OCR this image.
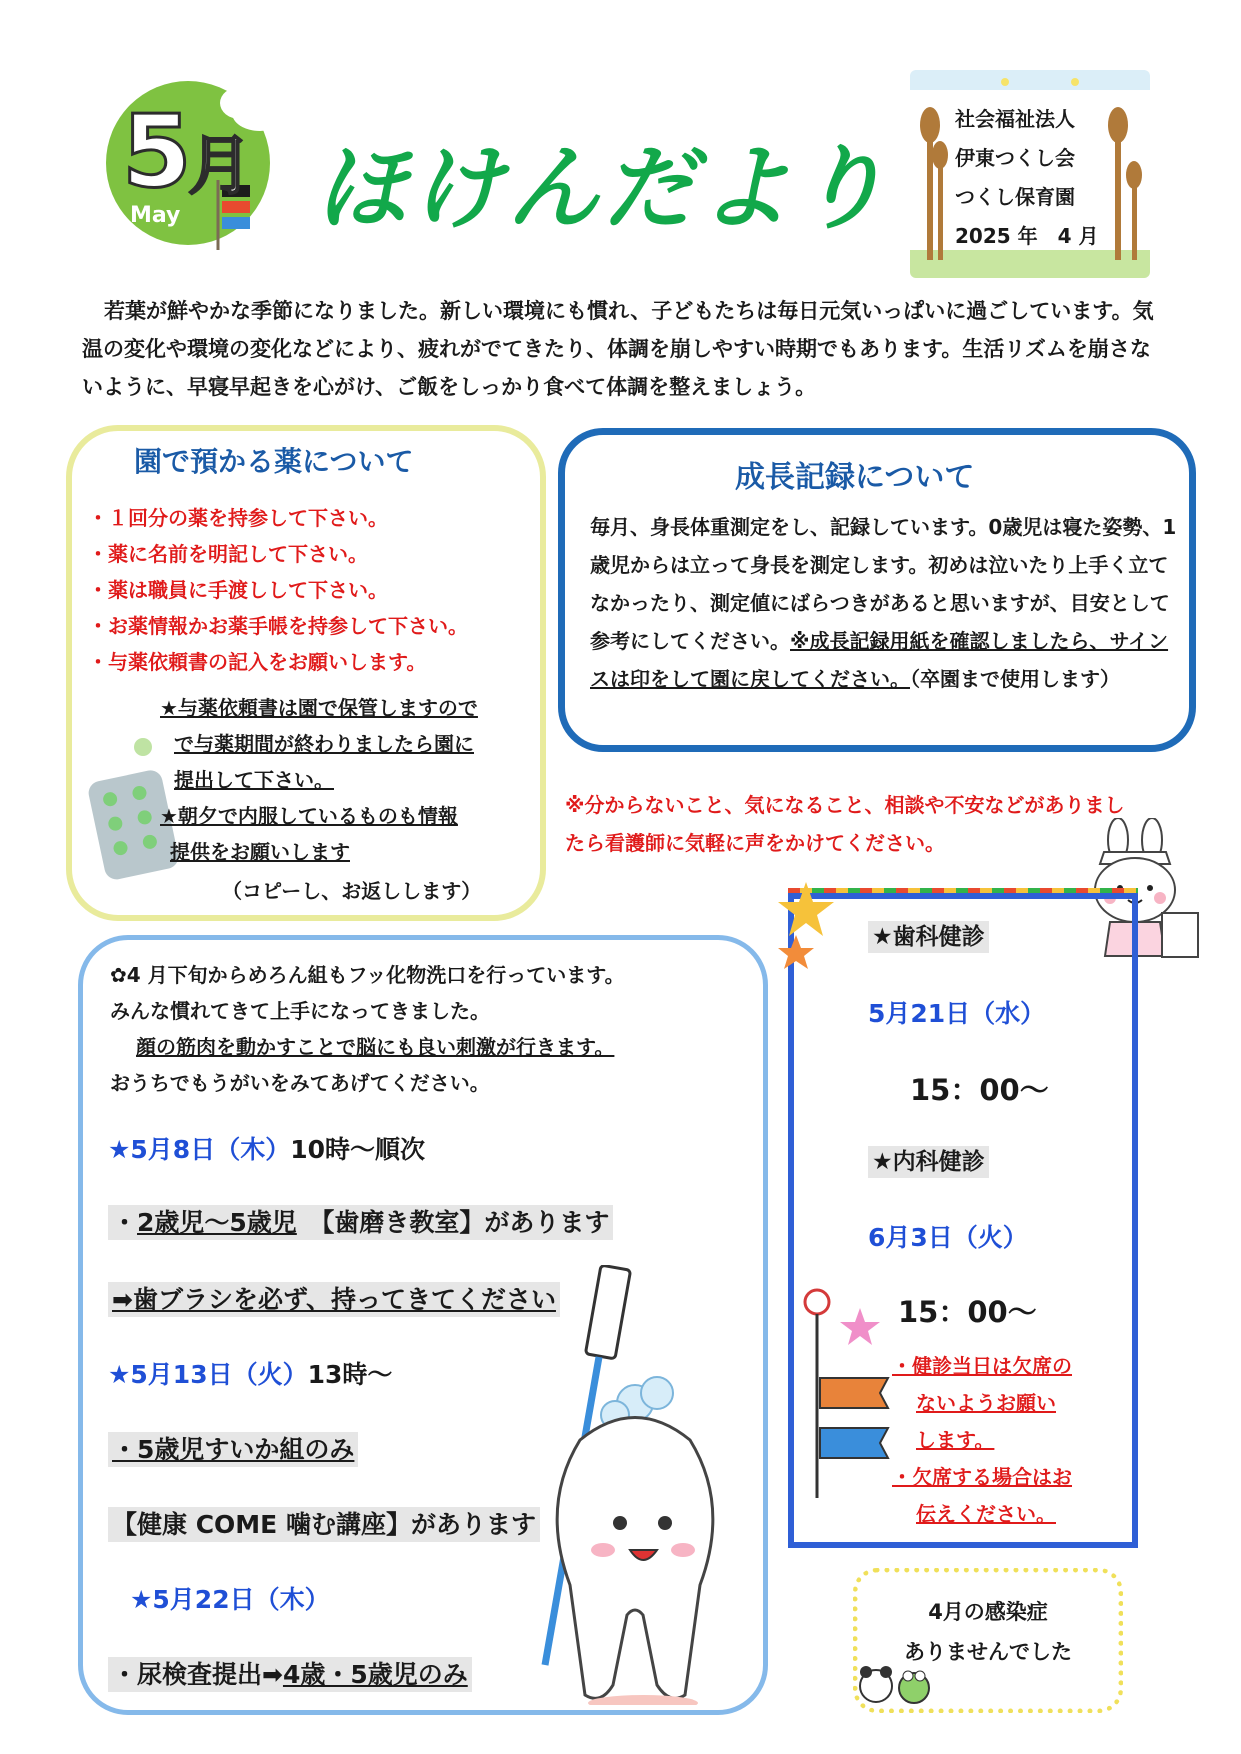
5
月
May ほけんだより
社会福祉法人
伊東つくし会
つくし保育園
2025 年　4 月
若葉が鮮やかな季節になりました。新しい環境にも慣れ、子どもたちは毎日元気いっぱいに過ごしています。気温の変化や環境の変化などにより、疲れがでてきたり、体調を崩しやすい時期でもあります。生活リズムを崩さないように、早寝早起きを心がけ、ご飯をしっかり食べて体調を整えましょう。
園で預かる薬について
・１回分の薬を持参して下さい。
・薬に名前を明記して下さい。
・薬は職員に手渡しして下さい。
・お薬情報かお薬手帳を持参して下さい。
・与薬依頼書の記入をお願いします。
★与薬依頼書は園で保管しますので
で与薬期間が終わりましたら園に
提出して下さい。
★朝夕で内服しているものも情報
提供をお願いします
（コピーし、お返しします）
成長記録について
毎月、身長体重測定をし、記録しています。0歳児は寝た姿勢、1歳児からは立って身長を測定します。初めは泣いたり上手く立てなかったり、測定値にばらつきがあると思いますが、目安として参考にしてください。※成長記録用紙を確認しましたら、サインスは印をして園に戻してください。（卒園まで使用します）
※分からないこと、気になること、相談や不安などがありましたら看護師に気軽に声をかけてください。
★歯科健診
5月21日（水）
15：00～
★内科健診
6月3日（火）
15：00～
・健診当日は欠席の
ないようお願い
します。
・欠席する場合はお
伝えください。
✿4 月下旬からめろん組もフッ化物洗口を行っています。
みんな慣れてきて上手になってきました。
顔の筋肉を動かすことで脳にも良い刺激が行きます。
おうちでもうがいをみてあげてください。
★5月8日（木）10時～順次
・2歳児～5歳児　 【歯磨き教室】があります
➡歯ブラシを必ず、持ってきてください
★5月13日（火）13時～
・5歳児すいか組のみ
【健康 COME 噛む講座】があります
★5月22日（木）
・尿検査提出➡4歳・5歳児のみ
4月の感染症
ありませんでした
